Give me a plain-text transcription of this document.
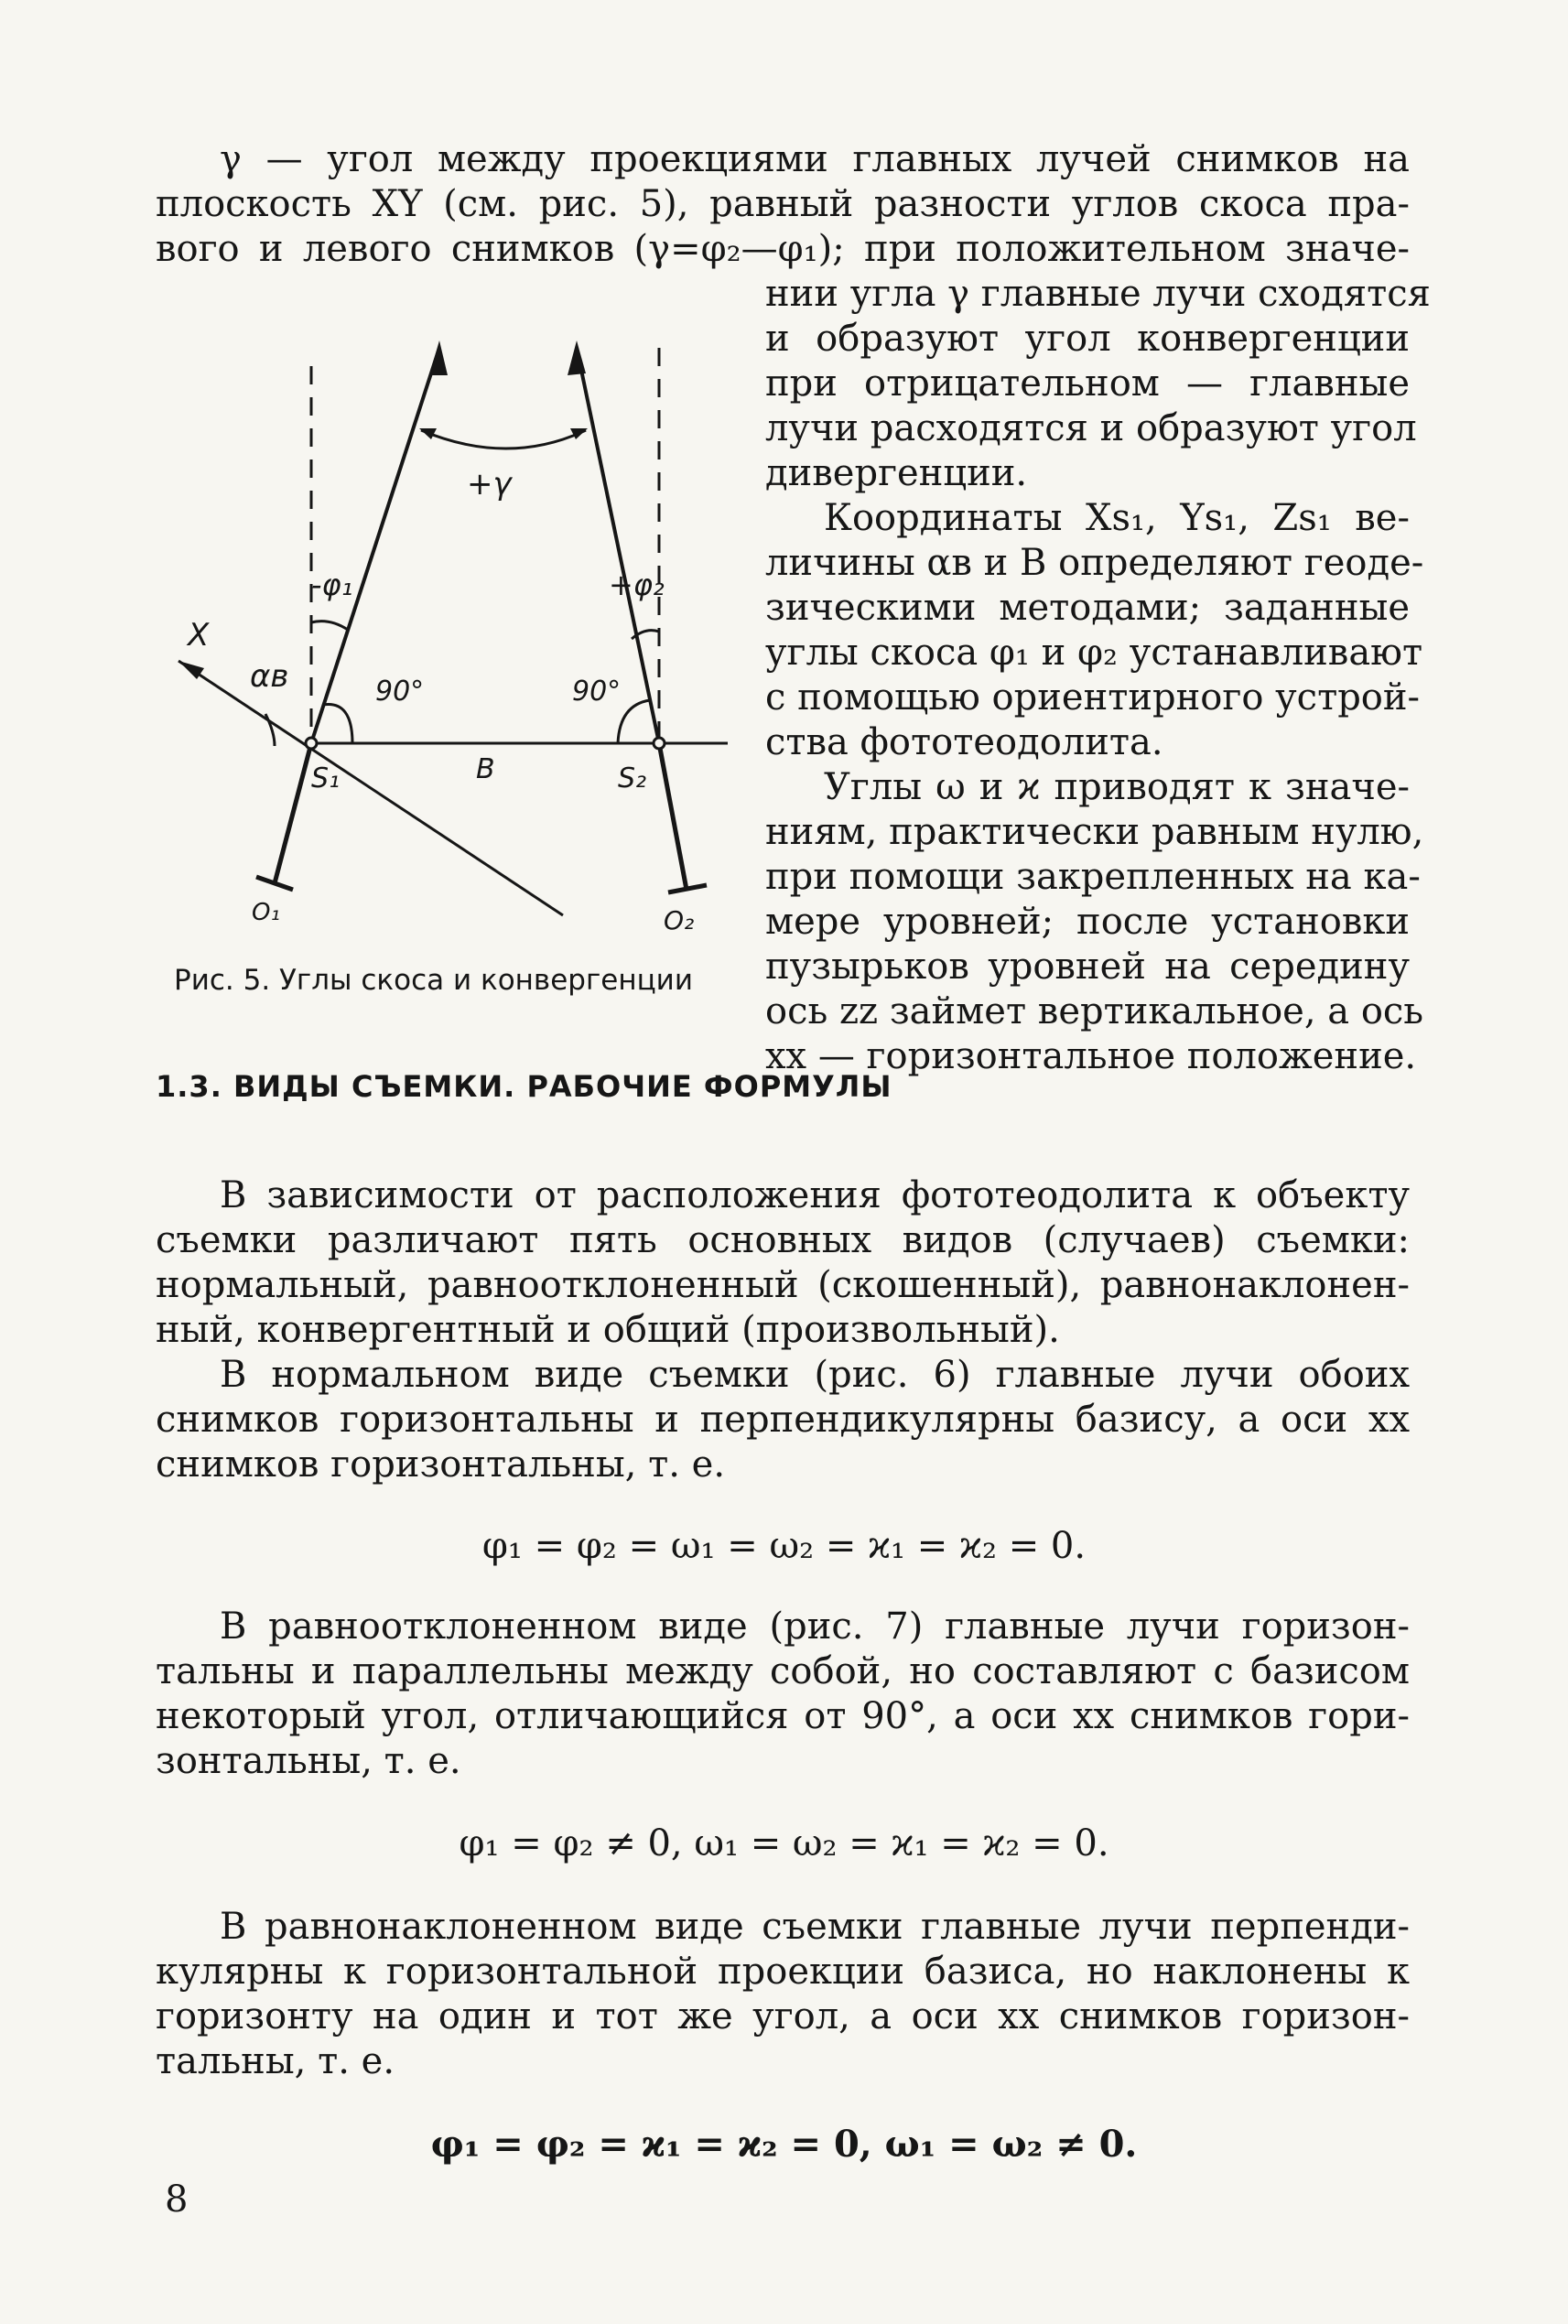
γ — угол между проекциями главных лучей снимков на
плоскость XY (см. рис. 5), равный разности углов скоса пра-
вого и левого снимков (γ=φ₂—φ₁); при положительном значе-
нии угла γ главные лучи сходятся
и образуют угол конвергенции
при отрицательном — главные
лучи расходятся и образуют угол
дивергенции.
Координаты Xs₁, Ys₁, Zs₁ ве-
личины αв и B определяют геоде-
зическими методами; заданные
углы скоса φ₁ и φ₂ устанавливают
с помощью ориентирного устрой-
ства фототеодолита.
Углы ω и ϰ приводят к значе-
ниям, практически равным нулю,
при помощи закрепленных на ка-
мере уровней; после установки
пузырьков уровней на середину
ось zz займет вертикальное, а ось
xx — горизонтальное положение.
X
αв
+γ
-φ₁	+φ₂
90°	90°
S₁	S₂
B
O₁	O₂
Рис. 5. Углы скоса и конвергенции
1.3. ВИДЫ СЪЕМКИ. РАБОЧИЕ ФОРМУЛЫ
В зависимости от расположения фототеодолита к объекту
съемки различают пять основных видов (случаев) съемки:
нормальный, равноотклоненный (скошенный), равнонаклонен-
ный, конвергентный и общий (произвольный).
В нормальном виде съемки (рис. 6) главные лучи обоих
снимков горизонтальны и перпендикулярны базису, а оси xx
снимков горизонтальны, т. е.
φ₁ = φ₂ = ω₁ = ω₂ = ϰ₁ = ϰ₂ = 0.
В равноотклоненном виде (рис. 7) главные лучи горизон-
тальны и параллельны между собой, но составляют с базисом
некоторый угол, отличающийся от 90°, а оси xx снимков гори-
зонтальны, т. е.
φ₁ = φ₂ ≠ 0, ω₁ = ω₂ = ϰ₁ = ϰ₂ = 0.
В равнонаклоненном виде съемки главные лучи перпенди-
кулярны к горизонтальной проекции базиса, но наклонены к
горизонту на один и тот же угол, а оси xx снимков горизон-
тальны, т. е.
φ₁ = φ₂ = ϰ₁ = ϰ₂ = 0, ω₁ = ω₂ ≠ 0.
8
